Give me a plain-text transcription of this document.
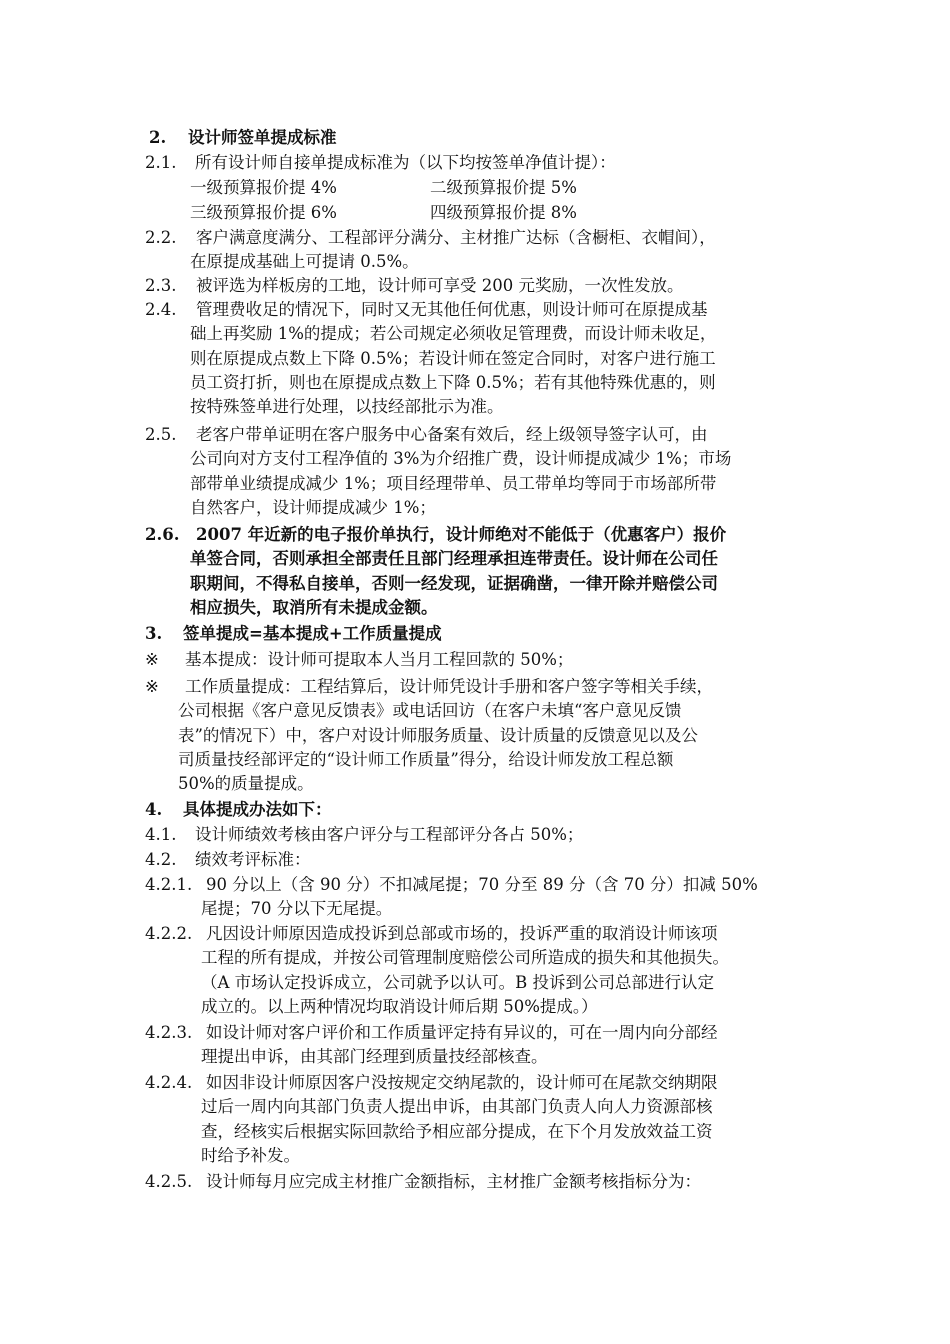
2. 设计师签单提成标准
2.1. 所有设计师自接单提成标准为（以下均按签单净值计提）：
一级预算报价提 4%	二级预算报价提 5%
三级预算报价提 6%	四级预算报价提 8%
2.2.	客户满意度满分、工程部评分满分、主材推广达标（含橱柜、衣帽间），
在原提成基础上可提请 0.5%。
2.3.	被评选为样板房的工地，设计师可享受 200 元奖励，一次性发放。
2.4.	管理费收足的情况下，同时又无其他任何优惠，则设计师可在原提成基
础上再奖励 1%的提成；若公司规定必须收足管理费，而设计师未收足，
则在原提成点数上下降 0.5%；若设计师在签定合同时，对客户进行施工
员工资打折，则也在原提成点数上下降 0.5%；若有其他特殊优惠的，则
按特殊签单进行处理，以技经部批示为准。
2.5.	老客户带单证明在客户服务中心备案有效后，经上级领导签字认可，由
公司向对方支付工程净值的 3%为介绍推广费，设计师提成减少 1%；市场
部带单业绩提成减少 1%；项目经理带单、员工带单均等同于市场部所带
自然客户，设计师提成减少 1%；
2.6.	2007 年近新的电子报价单执行，设计师绝对不能低于（优惠客户）报价
单签合同，否则承担全部责任且部门经理承担连带责任。设计师在公司任
职期间，不得私自接单，否则一经发现，证据确凿，一律开除并赔偿公司
相应损失，取消所有未提成金额。
3. 签单提成=基本提成+工作质量提成
※ 基本提成：设计师可提取本人当月工程回款的 50%；
※	工作质量提成：工程结算后，设计师凭设计手册和客户签字等相关手续，
公司根据《客户意见反馈表》或电话回访（在客户未填“客户意见反馈
表”的情况下）中，客户对设计师服务质量、设计质量的反馈意见以及公
司质量技经部评定的“设计师工作质量”得分，给设计师发放工程总额
50%的质量提成。
4. 具体提成办法如下：
4.1. 设计师绩效考核由客户评分与工程部评分各占 50%；
4.2. 绩效考评标准：
4.2.1. 90 分以上（含 90 分）不扣减尾提；70 分至 89 分（含 70 分）扣减 50%
尾提；70 分以下无尾提。
4.2.2. 凡因设计师原因造成投诉到总部或市场的，投诉严重的取消设计师该项
工程的所有提成，并按公司管理制度赔偿公司所造成的损失和其他损失。
（A 市场认定投诉成立，公司就予以认可。B 投诉到公司总部进行认定
成立的。以上两种情况均取消设计师后期 50%提成。）
4.2.3. 如设计师对客户评价和工作质量评定持有异议的，可在一周内向分部经
理提出申诉，由其部门经理到质量技经部核查。
4.2.4. 如因非设计师原因客户没按规定交纳尾款的，设计师可在尾款交纳期限
过后一周内向其部门负责人提出申诉，由其部门负责人向人力资源部核
查，经核实后根据实际回款给予相应部分提成，在下个月发放效益工资
时给予补发。
4.2.5. 设计师每月应完成主材推广金额指标，主材推广金额考核指标分为：
